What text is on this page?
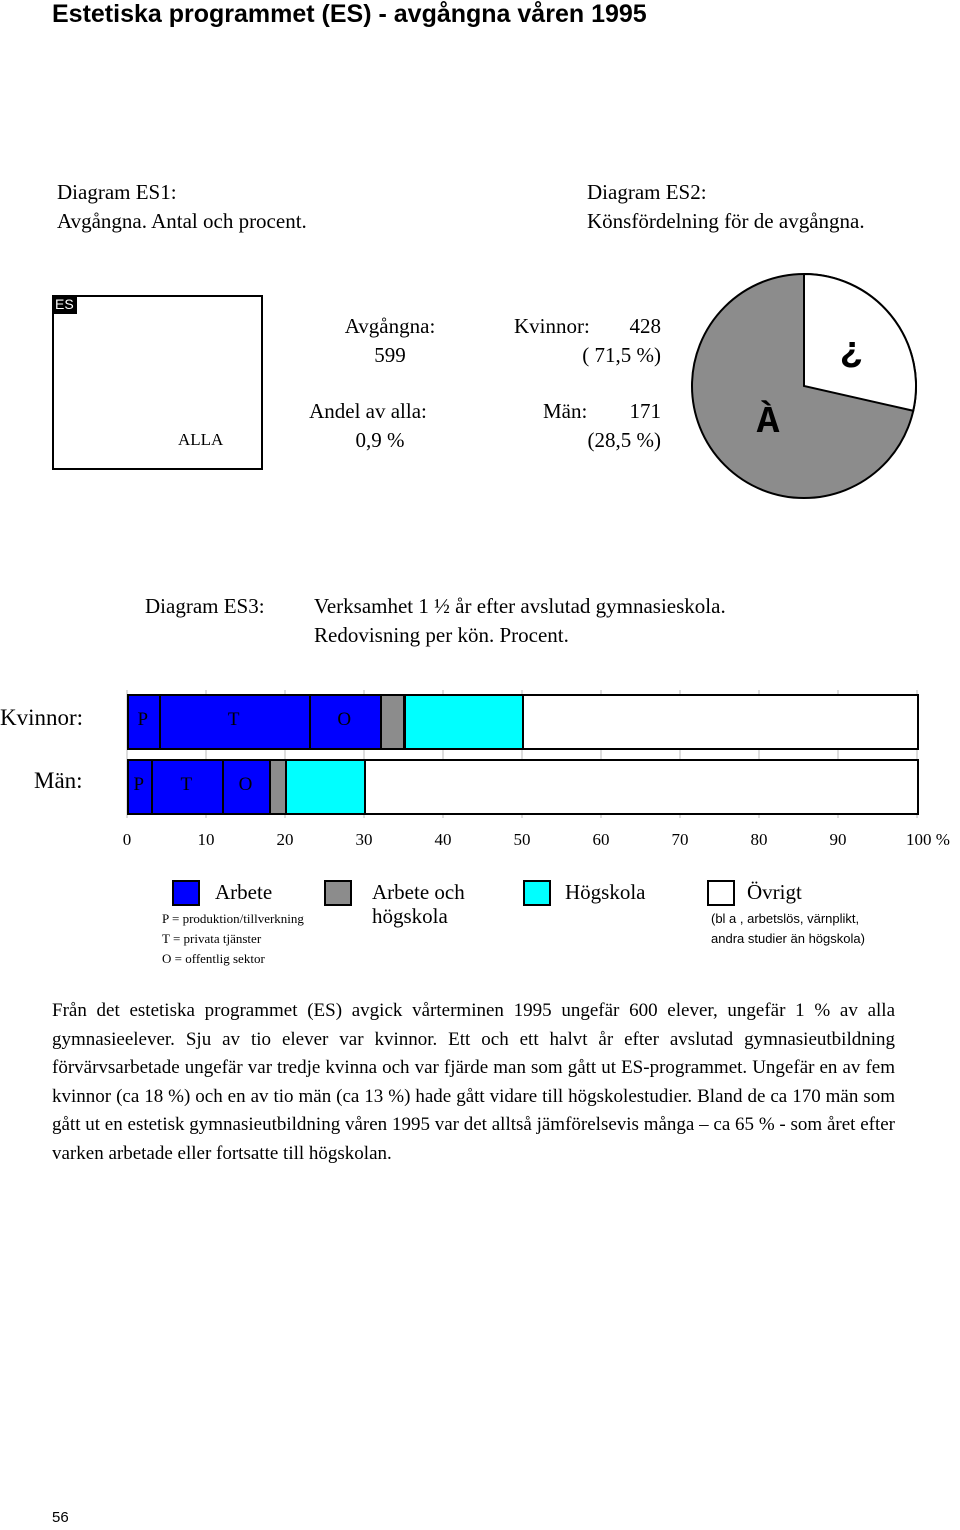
Estetiska programmet (ES) - avgångna våren 1995
Diagram ES1:
Avgångna. Antal och procent.
Diagram ES2:
Könsfördelning för de avgångna.
ES
ALLA
Avgångna:
599
Andel av alla:
0,9 %
Kvinnor:	428
( 71,5 %)
Män:	171
(28,5 %)
¿
À
Diagram ES3: Verksamhet 1 ½ år efter avslutad gymnasieskola.
Redovisning per kön. Procent.
Kvinnor:
Män:
P	T	O
P	T	O
0	10	20	30	40	50	60	70	80	90	100 %
Arbete
P = produktion/tillverkning
T = privata tjänster
O = offentlig sektor
Arbete och
högskola
Högskola	Övrigt
(bl a , arbetslös, värnplikt,
andra studier än högskola)
Från det estetiska programmet (ES) avgick vårterminen 1995 ungefär 600 elever, ungefär 1 % av alla gymnasieelever. Sju av tio elever var kvinnor. Ett och ett halvt år efter avslutad gymnasieutbildning förvärvsarbetade ungefär var tredje kvinna och var fjärde man som gått ut ES-programmet. Ungefär en av fem kvinnor (ca 18 %) och en av tio män (ca 13 %) hade gått vidare till högskolestudier. Bland de ca 170 män som gått ut en estetisk gymnasieutbildning våren 1995 var det alltså jämförelsevis många – ca 65 % - som året efter varken arbetade eller fortsatte till högskolan.
56
